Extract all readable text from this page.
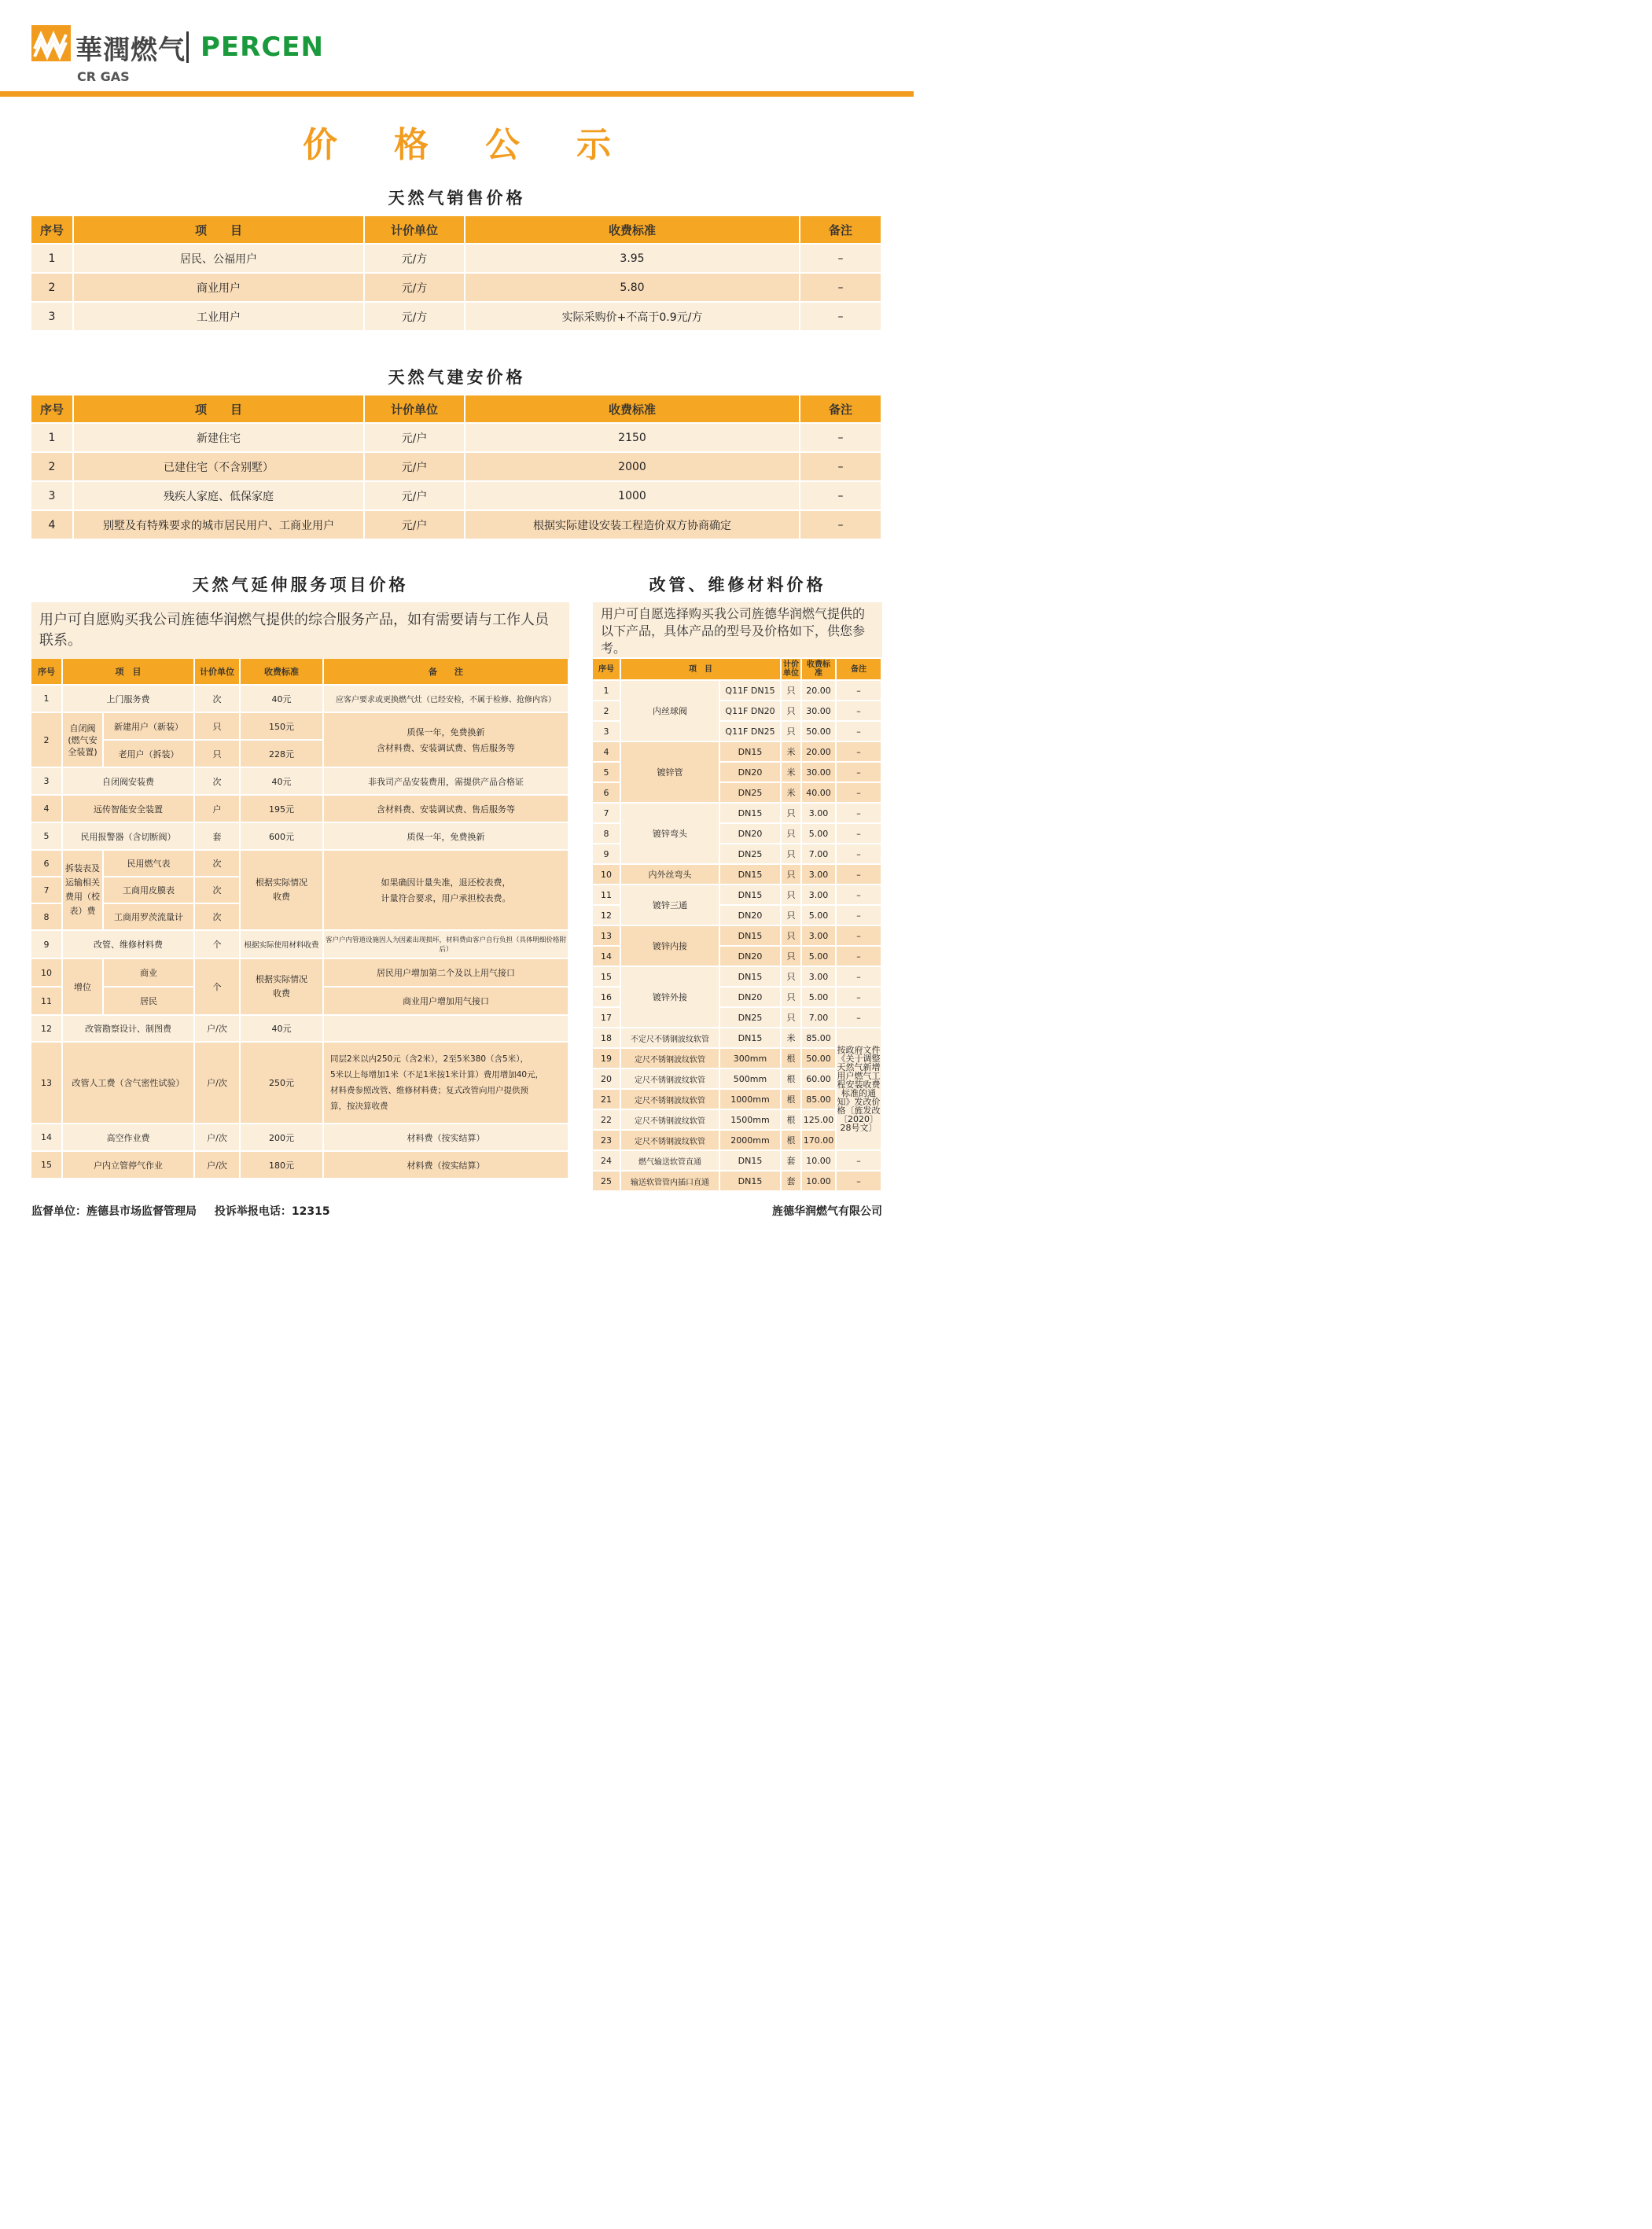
華潤燃气 PERCEN
CR GAS
价格公示
天然气销售价格
序号	项　　目	计价单位	收费标准	备注
1	居民、公福用户	元/方	3.95	–
2	商业用户	元/方	5.80	–
3	工业用户	元/方	实际采购价+不高于0.9元/方	–
天然气建安价格
序号	项　　目	计价单位	收费标准	备注
1	新建住宅	元/户	2150	–
2	已建住宅（不含别墅）	元/户	2000	–
3	残疾人家庭、低保家庭	元/户	1000	–
4	别墅及有特殊要求的城市居民用户、工商业用户	元/户	根据实际建设安装工程造价双方协商确定	–
天然气延伸服务项目价格
用户可自愿购买我公司旌德华润燃气提供的综合服务产品，如有需要请与工作人员联系。
序号	项　目		计价单位	收费标准	备　　注
1	上门服务费		次	40元	应客户要求或更换燃气灶（已经安检，不属于检修、抢修内容）
2	自闭阀(燃气安全装置)	新建用户（新装）	只	150元	质保一年，免费换新
含材料费、安装调试费、售后服务等

		老用户（拆装）	只	228元	
3	自闭阀安装费		次	40元	非我司产品安装费用，需提供产品合格证
4	远传智能安全装置		户	195元	含材料费、安装调试费、售后服务等
5	民用报警器（含切断阀）		套	600元	质保一年，免费换新
6	拆装表及运输相关费用（校表）费	民用燃气表	次	根据实际情况收费	如果确因计量失准，退还校表费，
计量符合要求，用户承担校表费。

7		工商用皮膜表	次		
8		工商用罗茨流量计	次		
9	改管、维修材料费		个	根据实际使用材料收费	客户户内管道设施因人为因素出现损坏，材料费由客户自行负担（具体明细价格附后）
10	增位	商业	个	根据实际情况收费	居民用户增加第二个及以上用气接口
11		居民			商业用户增加用气接口
12	改管勘察设计、制图费		户/次	40元	
13	改管人工费（含气密性试验）		户/次	250元	同层2米以内250元（含2米），2至5米380（含5米），
5米以上每增加1米（不足1米按1米计算）费用增加40元，
材料费参照改管、维修材料费；复式改管向用户提供预
算，按决算收费

14	高空作业费		户/次	200元	材料费（按实结算）
15	户内立管停气作业		户/次	180元	材料费（按实结算）
改管、维修材料价格
用户可自愿选择购买我公司旌德华润燃气提供的以下产品，具体产品的型号及价格如下，供您参考。
序号	项　目		计价单位	收费标准	备注
1	内丝球阀	Q11F DN15	只	20.00	–
2		Q11F DN20	只	30.00	–
3		Q11F DN25	只	50.00	–
4	镀锌管	DN15	米	20.00	–
5		DN20	米	30.00	–
6		DN25	米	40.00	–
7	镀锌弯头	DN15	只	3.00	–
8		DN20	只	5.00	–
9		DN25	只	7.00	–
10	内外丝弯头	DN15	只	3.00	–
11	镀锌三通	DN15	只	3.00	–
12		DN20	只	5.00	–
13	镀锌内接	DN15	只	3.00	–
14		DN20	只	5.00	–
15	镀锌外接	DN15	只	3.00	–
16		DN20	只	5.00	–
17		DN25	只	7.00	–
18	不定尺不锈钢波纹软管	DN15	米	85.00	按政府文件《关于调整天然气新增用户燃气工程安装收费标准的通知》发改价格〔旌发改〔2020〕28号文〕
19	定尺不锈钢波纹软管	300mm	根	50.00	
20	定尺不锈钢波纹软管	500mm	根	60.00	
21	定尺不锈钢波纹软管	1000mm	根	85.00	
22	定尺不锈钢波纹软管	1500mm	根	125.00	
23	定尺不锈钢波纹软管	2000mm	根	170.00	
24	燃气输送软管直通	DN15	套	10.00	–
25	输送软管管内插口直通	DN15	套	10.00	–
监督单位：旌德县市场监督管理局 投诉举报电话：12315	旌德华润燃气有限公司
